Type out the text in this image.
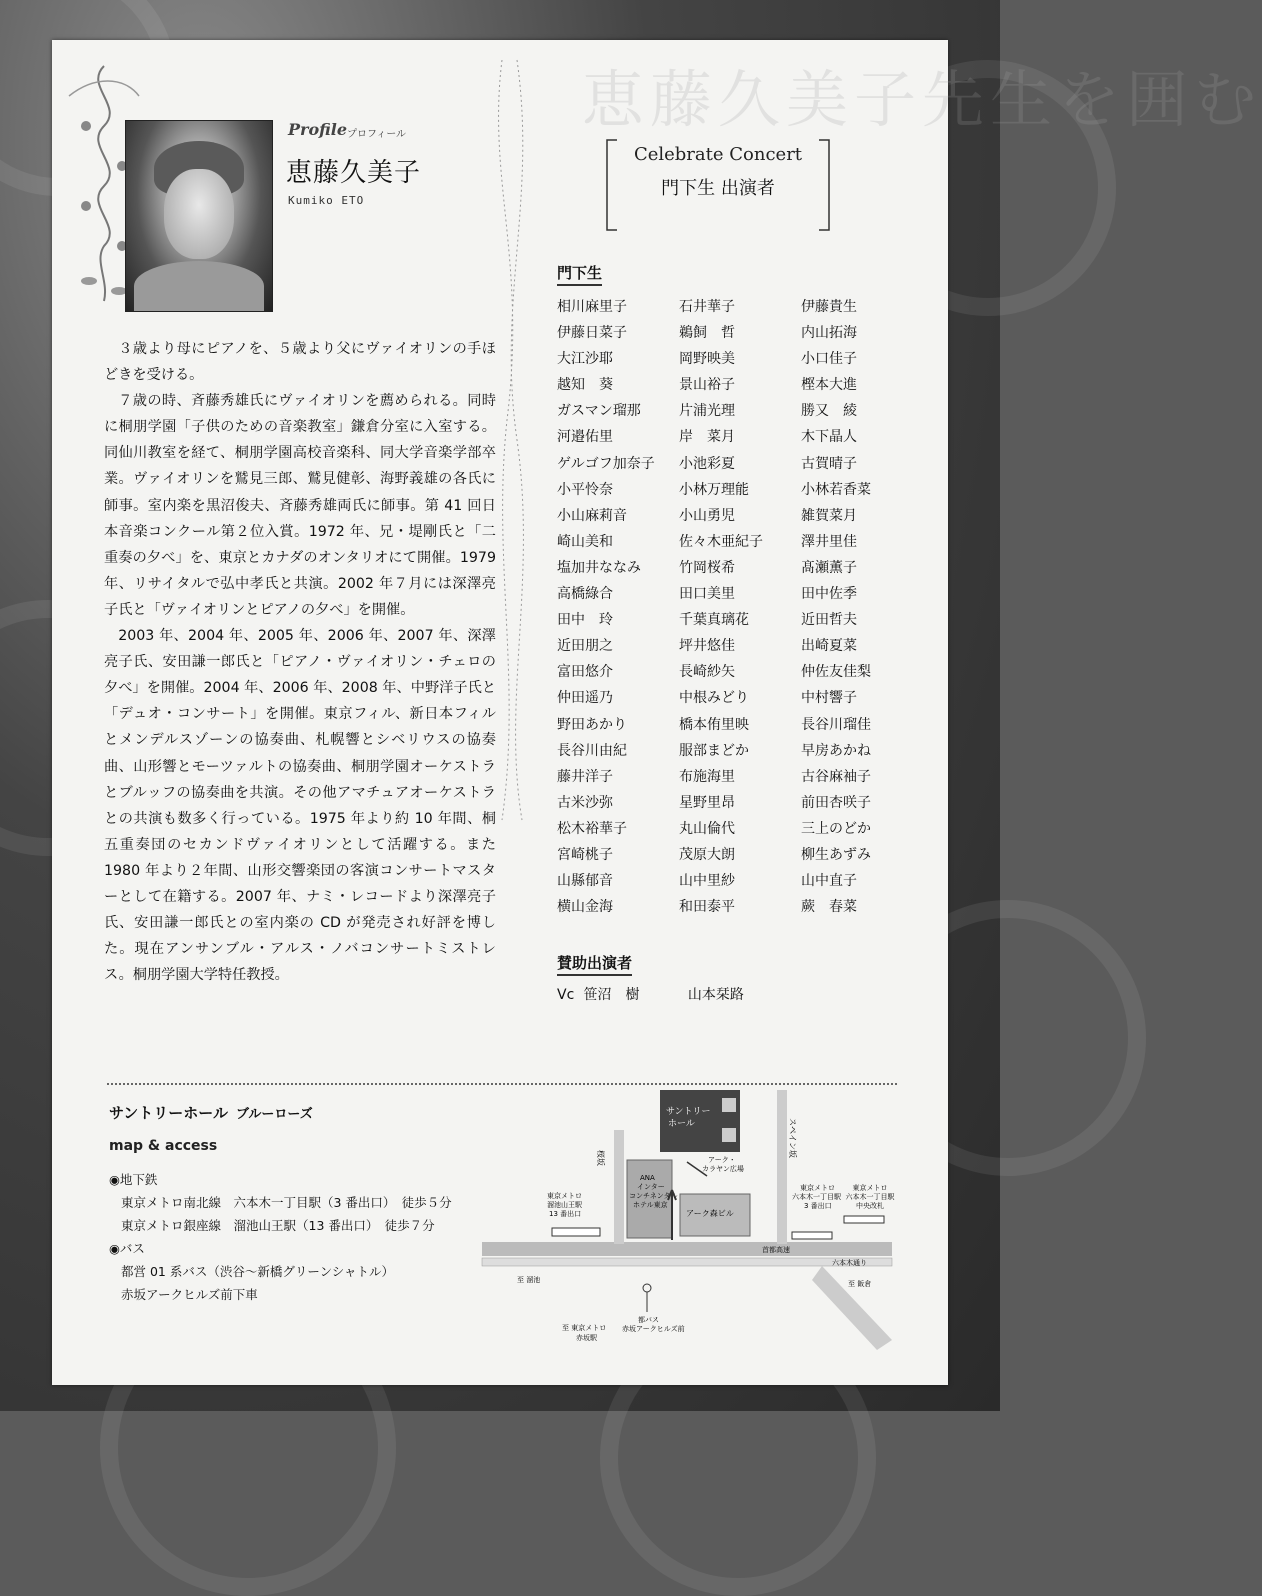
恵藤久美子先生を囲む
Profile プロフィール
恵藤久美子
Kumiko ETO

３歳より母にピアノを、５歳より父にヴァイオリンの手ほどきを受ける。

７歳の時、斉藤秀雄氏にヴァイオリンを薦められる。同時に桐朋学園「子供のための音楽教室」鎌倉分室に入室する。同仙川教室を経て、桐朋学園高校音楽科、同大学音楽学部卒業。ヴァイオリンを鷲見三郎、鷲見健彰、海野義雄の各氏に師事。室内楽を黒沼俊夫、斉藤秀雄両氏に師事。第 41 回日本音楽コンクール第２位入賞。1972 年、兄・堤剛氏と「二重奏の夕べ」を、東京とカナダのオンタリオにて開催。1979 年、リサイタルで弘中孝氏と共演。2002 年７月には深澤亮子氏と「ヴァイオリンとピアノの夕べ」を開催。

2003 年、2004 年、2005 年、2006 年、2007 年、深澤亮子氏、安田謙一郎氏と「ピアノ・ヴァイオリン・チェロの夕べ」を開催。2004 年、2006 年、2008 年、中野洋子氏と「デュオ・コンサート」を開催。東京フィル、新日本フィルとメンデルスゾーンの協奏曲、札幌響とシベリウスの協奏曲、山形響とモーツァルトの協奏曲、桐朋学園オーケストラとブルッフの協奏曲を共演。その他アマチュアオーケストラとの共演も数多く行っている。1975 年より約 10 年間、桐五重奏団のセカンドヴァイオリンとして活躍する。また 1980 年より２年間、山形交響楽団の客演コンサートマスターとして在籍する。2007 年、ナミ・レコードより深澤亮子氏、安田謙一郎氏との室内楽の CD が発売され好評を博した。現在アンサンブル・アルス・ノバコンサートミストレス。桐朋学園大学特任教授。

Celebrate Concert
門下生 出演者
門下生
相川麻里子	石井華子	伊藤貴生
伊藤日菜子	鵜飼　哲	内山拓海
大江沙耶	岡野映美	小口佳子
越知　葵	景山裕子	樫本大進
ガスマン瑠那	片浦光理	勝又　綾
河邉佑里	岸　菜月	木下晶人
ゲルゴフ加奈子	小池彩夏	古賀晴子
小平怜奈	小林万理能	小林若香菜
小山麻莉音	小山勇児	雑賀菜月
崎山美和	佐々木亜紀子	澤井里佳
塩加井ななみ	竹岡桜希	髙瀬薫子
高橋綠合	田口美里	田中佐季
田中　玲	千葉真璃花	近田哲夫
近田朋之	坪井悠佳	出崎夏菜
富田悠介	長崎紗矢	仲佐友佳梨
仲田遥乃	中根みどり	中村響子
野田あかり	橋本侑里映	長谷川瑠佳
長谷川由紀	服部まどか	早房あかね
藤井洋子	布施海里	古谷麻袖子
古米沙弥	星野里昂	前田杏咲子
松木裕華子	丸山倫代	三上のどか
宮崎桃子	茂原大朗	柳生あずみ
山縣郁音	山中里紗	山中直子
横山金海	和田泰平	蕨　春菜
賛助出演者
Vc 笹沼　樹	山本栞路
サントリーホール ブルーローズ
map & access
◉地下鉄
東京メトロ南北線　六本木一丁目駅（3 番出口）　徒歩５分
東京メトロ銀座線　溜池山王駅（13 番出口）　徒歩７分
◉バス
都営 01 系バス（渋谷〜新橋グリーンシャトル）
赤坂アークヒルズ前下車
サントリー
ホール
ANA
インター
コンチネンタル
ホテル東京
アーク森ビル
アーク・
カラヤン広場
桜坂	スペイン坂
東京メトロ
溜池山王駅
13 番出口
東京メトロ
六本木一丁目駅
3 番出口
東京メトロ
六本木一丁目駅
中央改札
首都高速
六本木通り
至 溜池	至 飯倉
至 東京メトロ
赤坂駅
都バス
赤坂アークヒルズ前
